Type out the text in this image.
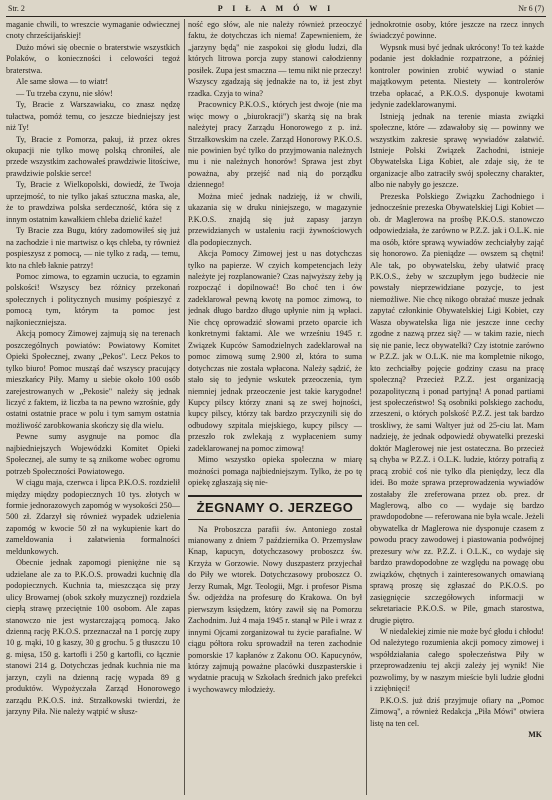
Str. 2	P I Ł A M Ó W I	Nr 6 (7)

maganie chwili, to wreszcie wymaganie odwiecznej cnoty chrześcijańskiej!

Dużo mówi się obecnie o braterstwie wszystkich Polaków, o konieczności i celowości tegoż braterstwa.

Ale same słowa — to wiatr!

— Tu trzeba czynu, nie słów!

Ty, Bracie z Warszawiaku, co znasz nędzę tułactwa, pomóż temu, co jeszcze biedniejszy jest niż Ty!

Ty, Bracie z Pomorza, pakuj, iż przez okres okupacji nie tylko mowę polską chroniłeś, ale przede wszystkim zachowałeś prawdziwie litościwe, prawdziwie polskie serce!

Ty, Bracie z Wielkopolski, dowiedź, że Twoja uprzejmość, to nie tylko jakaś sztuczna maska, ale, że to prawdziwa polska serdeczność, która się z innym ostatnim kawałkiem chleba dzielić każe!

Ty Bracie zza Bugu, który zadomowiłeś się już na zachodzie i nie martwisz o kęs chleba, ty również pospieszysz z pomocą, — nie tylko z radą, — temu, kto na chleb łaknie patrzy!

Pomoc zimowa, to egzamin uczucia, to egzamin polskości! Wszyscy bez różnicy przekonań społecznych i politycznych musimy pośpieszyć z pomocą tym, którym ta pomoc jest najkonieczniejsza.

Akcją pomocy Zimowej zajmują się na terenach poszczególnych powiatów: Powiatowy Komitet Opieki Społecznej, zwany „Pekos". Lecz Pekos to tylko biuro! Pomoc musząś dać wszyscy pracujący mieszkańcy Piły. Mamy u siebie około 100 osób zarejestrowanych w „Pekosie" należy się jednak liczyć z faktem, iż liczba ta na pewno wzrośnie, gdy ostatni ostatnie prace w polu i tym samym ostatnia możliwość zarobkowania skończy się dla wielu.

Pewne sumy asygnuje na pomoc dla najbiedniejszych Wojewódzki Komitet Opieki Społecznej, ale sumy te są znikome wobec ogromu potrzeb Społeczności Powiatowego.

W ciągu maja, czerwca i lipca P.K.O.S. rozdzielił między między podopiecznych 10 tys. złotych w formie jednorazowych zapomóg w wysokości 250—500 zł. Zdarzył się również wypadek udzielenia zapomóg w kwocie 50 zł na wykupienie kart do zameldowania i załatwienia formalności meldunkowych.

Obecnie jednak zapomogi pieniężne nie są udzielane ale za to P.K.O.S. prowadzi kuchnię dla podopiecznych. Kuchnia ta, mieszcząca się przy ulicy Browarnej (obok szkoły muzycznej) rozdziela ciepłą strawę przeciętnie 100 osobom. Ale zapas stanowczo nie jest wystarczającą pomocą. Jako dzienną rację P.K.O.S. przeznaczał na 1 porcję zupy 10 g. mąki, 10 g kaszy, 30 g grochu. 5 g tłuszczu 10 g. mięsa, 150 g. kartofli i 250 g kartofli, co łącznie stanowi 214 g. Dotychczas jednak kuchnia nie ma jarzyn, czyli na dzienną rację wypada 89 g produktów. Wypożyczała Zarząd Honorowego zarządu P.K.O.S. inż. Strzałkowski twierdzi, że jarzyny Piła. Nie należy wątpić w słusz-

ność ego słów, ale nie należy również przeoczyć faktu, że dotychczas ich niema! Zapewnieniem, że „jarzyny będą" nie zaspokoi się głodu ludzi, dla których litrowa porcja zupy stanowi całodzienny posiłek. Zupa jest smaczna — temu nikt nie przeczy! Wszyscy zgadzają się jednakże na to, iż jest zbyt rzadka. Czyja to wina?

Pracownicy P.K.O.S., których jest dwoje (nie ma więc mowy o „biurokracji") skarżą się na brak należytej pracy Zarządu Honorowego z p. inż. Strzałkowskim na czele. Zarząd Honorowy P.K.O.S. nie powinien być tylko do przyjmowania należnych mu i nie należnych honorów! Sprawa jest zbyt poważna, aby przejść nad nią do porządku dziennego!

Można mieć jednak nadzieję, iż w chwili, ukazania się w druku niniejszego, w magazynie P.K.O.S. znajdą się już zapasy jarzyn przewidzianych w ustaleniu racji żywnościowych dla podopiecznych.

Akcja Pomocy Zimowej jest u nas dotychczas tylko na papierze. W czyich kompetencjach leży należyte jej rozplanowanie? Czas najwyższy żeby ją rozpocząć i dopilnować! Bo choć ten i ów zadeklarował pewną kwotę na pomoc zimową, to jednak długo bardzo długo upłynie nim ją wpłaci. Nie chcę oprowadzić słowami przeto oparcie ich konkretnymi faktami. Ale we wrześniu 1945 r. Związek Kupców Samodzielnych zadeklarował na pomoc zimową sumę 2.900 zł, która to suma dotychczas nie została wpłacona. Należy sądzić, że stało się to jedynie wskutek przeoczenia, tym niemniej jednak przeoczenie jest takie karygodne! Kupcy pilscy którzy znani są ze swej hojności, kupcy pilscy, którzy tak bardzo przyczynili się do odbudowy szpitala miejskiego, kupcy pilscy — przeszło rok zwlekają z wypłaceniem sumy zadeklarowanej na pomoc zimową!

Mimo wszystko opieka społeczna w miarę możności pomaga najbiedniejszym. Tylko, że po tę opiekę zgłaszają się nie-

ŻEGNAMY O. JERZEGO

Na Proboszcza parafii św. Antoniego został mianowany z dniem 7 października O. Przemysław Knap, kapucyn, dotychczasowy proboszcz św. Krzyża w Gorzowie. Nowy duszpasterz przyjechał do Piły we wtorek. Dotychczasowy proboszcz O. Jerzy Rumak, Mgr. Teologii, Mgr. i profesor Pisma Św. odjeżdża na profesurę do Krakowa. On był pierwszym księdzem, który zawił się na Pomorzu Zachodnim. Już 4 maja 1945 r. stanął w Pile i wraz z innymi Ojcami zorganizował tu życie parafialne. W ciągu półtora roku sprowadził na teren zachodnie pomorskie 17 kapłanów z Zakonu OO. Kapucynów, którzy zajmują poważne placówki duszpasterskie i wydatnie pracują w Szkołach średnich jako prefekci i wychowawcy młodzieży.

jednokrotnie osoby, które jeszcze na rzecz innych świadczyć powinne.

Wypsnk musi być jednak ukrócony! To też każde podanie jest dokładnie rozpatrzone, a później kontroler powinien zrobić wywiad o stanie majątkowym petenta. Niestety — kontrolerów trzeba opłacać, a P.K.O.S. dysponuje kwotami jedynie zadeklarowanymi.

Istnieją jednak na terenie miasta związki społeczne, które — zdawałoby się — powinny we wszystkim zakresie sprawę wywiadów załatwić. Istnieje Polski Związek Zachodni, istnieje Obywatelska Liga Kobiet, ale zdaje się, że te organizacje albo zatraciły swój społeczny charakter, albo nie nabyły go jeszcze.

Prezeska Polskiego Związku Zachodniego i jednocześnie prezeska Obywatelskiej Ligi Kobiet — ob. dr Maglerowa na prośbę P.K.O.S. stanowczo odpowiedziała, że zarówno w P.Z.Z. jak i O.L.K. nie ma osób, które sprawą wywiadów zechciałyby zająć się honorowo. Za pieniądze — owszem są chętni! Ale tak, po obywatelsku, żeby ułatwić pracę P.K.O.S., żeby w szczupłym jego budżecie nie powstały nieprzewidziane pozycje, to jest niemożliwe. Nie chcę nikogo obrażać musze jednak zapytać członkinie Obywatelskiej Ligi Kobiet, czy Wasza obywatelska liga nie jeszcze inne cechy zgodne z nazwą przez się? — w takim razie, niech się nie panie, lecz obywatelki? Czy istotnie zarówno w P.Z.Z. jak w O.L.K. nie ma kompletnie nikogo, kto zechciałby pojęcie godziny czasu na pracę społeczną? Przecież P.Z.Z. jest organizacją pozapolityczną i ponad partyjną! A ponad partiami jest społeczeństwo! Są osobniki polskiego zachodu, zrzeszeni, o których polskość P.Z.Z. jest tak bardzo troskliwy, że sami Waltyer już od 25-ciu lat. Mam nadzieję, że jednak odpowiedź obywatelki prezeski doktór Maglerowej nie jest ostateczna. Bo przecież są chyba w P.Z.Z. i O.L.K. ludzie, którzy potrafią z pracą zrobić coś nie tylko dla pieniędzy, lecz dla idei. Bo może sprawa przeprowadzenia wywiadów zostałaby źle zreferowana przez ob. prez. dr Maglerową, albo co — wydaje się bardzo prawdopodobne — referowana nie była wcale. Jeżeli obywatelka dr Maglerowa nie dysponuje czasem z powodu pracy zawodowej i piastowania podwójnej prezesury w/w zz. P.Z.Z. i O.L.K., co wydaje się bardzo prawdopodobne ze względu na powagę obu związków, chętnych i zainteresowanych omawianą sprawą proszę się zgłaszać do P.K.O.S. po zasięgnięcie szczegółowych informacji w sekretariacie P.K.O.S. w Pile, gmach starostwa, drugie piętro.

W niedalekiej zimie nie może być głodu i chłodu! Od należytego rozumienia akcji pomocy zimowej i współdziałania całego społeczeństwa Piły w przeprowadzeniu tej akcji zależy jej wynik! Nie pozwolimy, by w naszym mieście byli ludzie głodni i zziębnięci!

P.K.O.S. już dziś przyjmuje ofiary na „Pomoc Zimową", a również Redakcja „Piła Mówi" otwiera listę na ten cel.

MK
